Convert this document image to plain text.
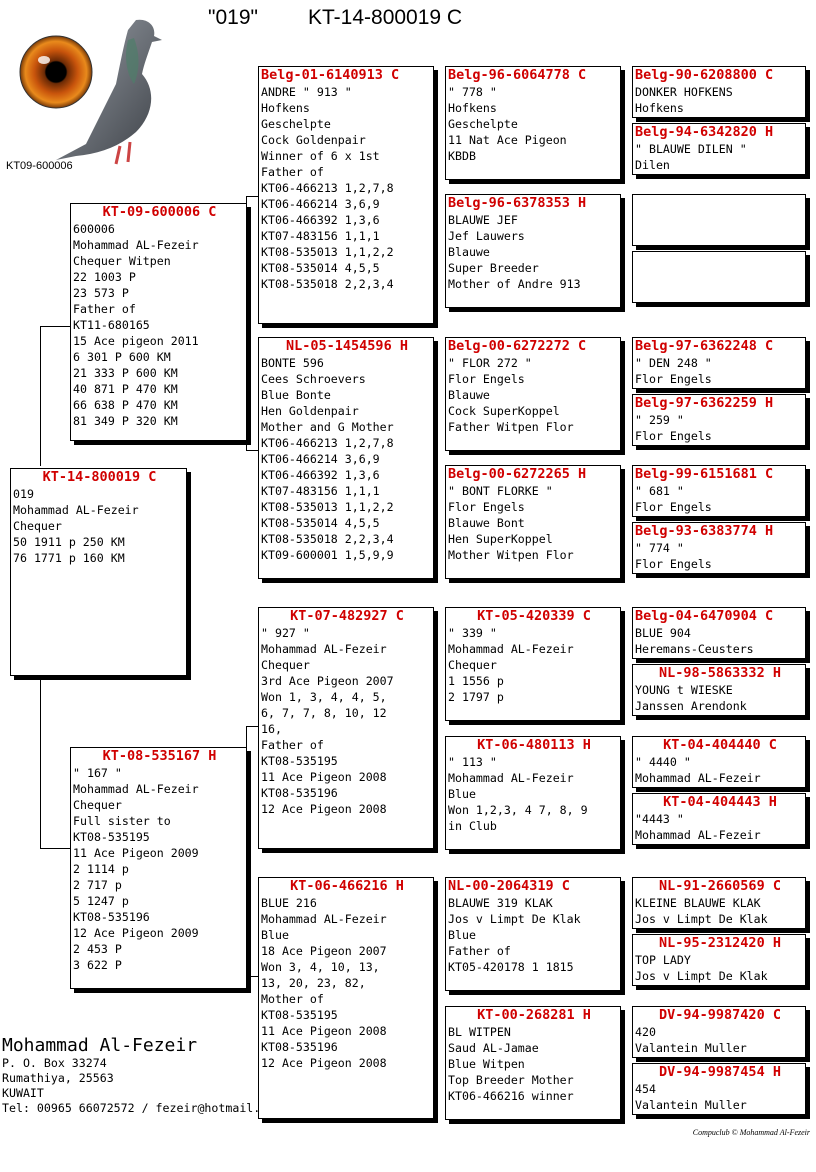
"019" KT-14-800019 C
KT09-600006
KT-14-800019 C
019
Mohammad AL-Fezeir
Chequer
50 1911 p 250 KM
76 1771 p 160 KM
KT-09-600006 C
600006
Mohammad AL-Fezeir
Chequer Witpen
22 1003 P
23 573 P
Father of
KT11-680165
15 Ace pigeon 2011
6 301 P 600 KM
21 333 P 600 KM
40 871 P 470 KM
66 638 P 470 KM
81 349 P 320 KM
KT-08-535167 H
" 167 "
Mohammad AL-Fezeir
Chequer
Full sister to
KT08-535195
11 Ace Pigeon 2009
2 1114 p
2 717 p
5 1247 p
KT08-535196
12 Ace Pigeon 2009
2 453 P
3 622 P
Belg-01-6140913 C
ANDRE " 913 "
Hofkens
Geschelpte
Cock Goldenpair
Winner of 6 x 1st
Father of
KT06-466213 1,2,7,8
KT06-466214 3,6,9
KT06-466392 1,3,6
KT07-483156 1,1,1
KT08-535013 1,1,2,2
KT08-535014 4,5,5
KT08-535018 2,2,3,4
NL-05-1454596 H
BONTE 596
Cees Schroevers
Blue Bonte
Hen Goldenpair
Mother and G Mother
KT06-466213 1,2,7,8
KT06-466214 3,6,9
KT06-466392 1,3,6
KT07-483156 1,1,1
KT08-535013 1,1,2,2
KT08-535014 4,5,5
KT08-535018 2,2,3,4
KT09-600001 1,5,9,9
KT-07-482927 C
" 927 "
Mohammad AL-Fezeir
Chequer
3rd Ace Pigeon 2007
Won 1, 3, 4, 4, 5,
6, 7, 7, 8, 10, 12
16,
Father of
KT08-535195
11 Ace Pigeon 2008
KT08-535196
12 Ace Pigeon 2008
KT-06-466216 H
BLUE 216
Mohammad AL-Fezeir
Blue
18 Ace Pigeon 2007
Won 3, 4, 10, 13,
13, 20, 23, 82,
Mother of
KT08-535195
11 Ace Pigeon 2008
KT08-535196
12 Ace Pigeon 2008
Belg-96-6064778 C
" 778 "
Hofkens
Geschelpte
11 Nat Ace Pigeon
KBDB
Belg-96-6378353 H
BLAUWE JEF
Jef Lauwers
Blauwe
Super Breeder
Mother of Andre 913
Belg-00-6272272 C
" FLOR 272 "
Flor Engels
Blauwe
Cock SuperKoppel
Father Witpen Flor
Belg-00-6272265 H
" BONT FLORKE "
Flor Engels
Blauwe Bont
Hen SuperKoppel
Mother Witpen Flor
KT-05-420339 C
" 339 "
Mohammad AL-Fezeir
Chequer
1 1556 p
2 1797 p
KT-06-480113 H
" 113 "
Mohammad AL-Fezeir
Blue
Won 1,2,3, 4 7, 8, 9
in Club
NL-00-2064319 C
BLAUWE 319 KLAK
Jos v Limpt De Klak
Blue
Father of
KT05-420178 1 1815
KT-00-268281 H
BL WITPEN
Saud AL-Jamae
Blue Witpen
Top Breeder Mother
KT06-466216 winner
Belg-90-6208800 C
DONKER HOFKENS
Hofkens
Belg-94-6342820 H
" BLAUWE DILEN "
Dilen
Belg-97-6362248 C
" DEN 248 "
Flor Engels
Belg-97-6362259 H
" 259 "
Flor Engels
Belg-99-6151681 C
" 681 "
Flor Engels
Belg-93-6383774 H
" 774 "
Flor Engels
Belg-04-6470904 C
BLUE 904
Heremans-Ceusters
NL-98-5863332 H
YOUNG t WIESKE
Janssen Arendonk
KT-04-404440 C
" 4440 "
Mohammad AL-Fezeir
KT-04-404443 H
"4443 "
Mohammad AL-Fezeir
NL-91-2660569 C
KLEINE BLAUWE KLAK
Jos v Limpt De Klak
NL-95-2312420 H
TOP LADY
Jos v Limpt De Klak
DV-94-9987420 C
420
Valantein Muller
DV-94-9987454 H
454
Valantein Muller
Mohammad Al-Fezeir
P. O. Box 33274
Rumathiya, 25563
KUWAIT
Tel: 00965 66072572 / fezeir@hotmail.
Compuclub © Mohammad Al-Fezeir
